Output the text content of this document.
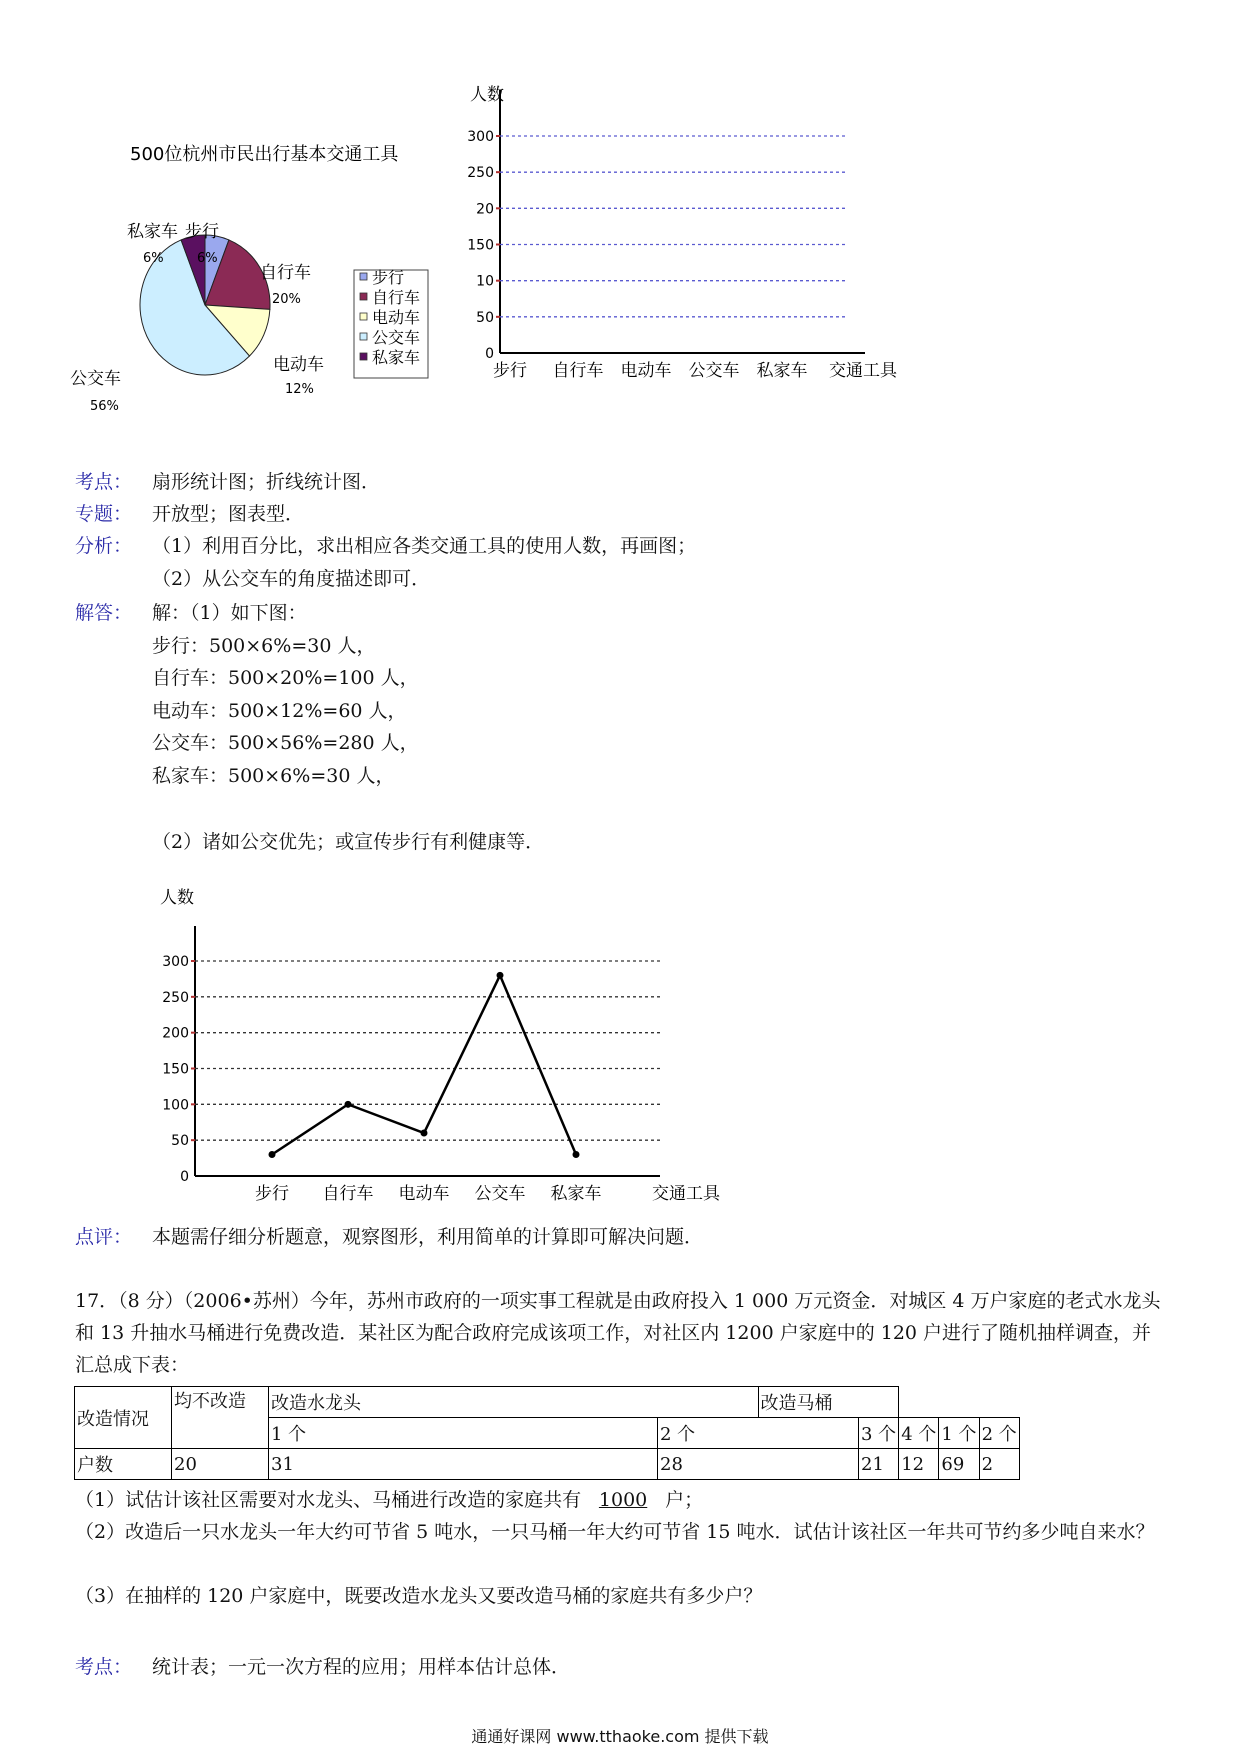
500位杭州市民出行基本交通工具
步行
6%
自行车
20%
电动车
12%
公交车
56%
私家车
6%
步行
自行车
电动车
公交车
私家车
人数
0
50
10
150
20
250
300
步行 自行车 电动车 公交车 私家车 交通工具
考点： 扇形统计图；折线统计图．
专题： 开放型；图表型．
分析： （1）利用百分比，求出相应各类交通工具的使用人数，再画图；
（2）从公交车的角度描述即可．
解答： 解：（1）如下图：
步行：500×6%=30 人，
自行车：500×20%=100 人，
电动车：500×12%=60 人，
公交车：500×56%=280 人，
私家车：500×6%=30 人，
（2）诸如公交优先；或宣传步行有利健康等．
人数
0
50
100
150
200
250
300
步行 自行车 电动车 公交车 私家车	交通工具
点评： 本题需仔细分析题意，观察图形，利用简单的计算即可解决问题．
17．（8 分）（2006•苏州）今年，苏州市政府的一项实事工程就是由政府投入 1 000 万元资金．对城区 4 万户家庭的老式水龙头和 13 升抽水马桶进行免费改造．某社区为配合政府完成该项工作，对社区内 1200 户家庭中的 120 户进行了随机抽样调查，并汇总成下表：
改造情况	均不改造	改造水龙头		改造马桶				
		1 个	2 个		3 个	4 个	1 个	2 个
户数	20	31	28		21	12	69	2
（1）试估计该社区需要对水龙头、马桶进行改造的家庭共有 1000 户；
（2）改造后一只水龙头一年大约可节省 5 吨水，一只马桶一年大约可节省 15 吨水．试估计该社区一年共可节约多少吨自来水？
（3）在抽样的 120 户家庭中，既要改造水龙头又要改造马桶的家庭共有多少户？
考点： 统计表；一元一次方程的应用；用样本估计总体．
通通好课网 www.tthaoke.com 提供下载
